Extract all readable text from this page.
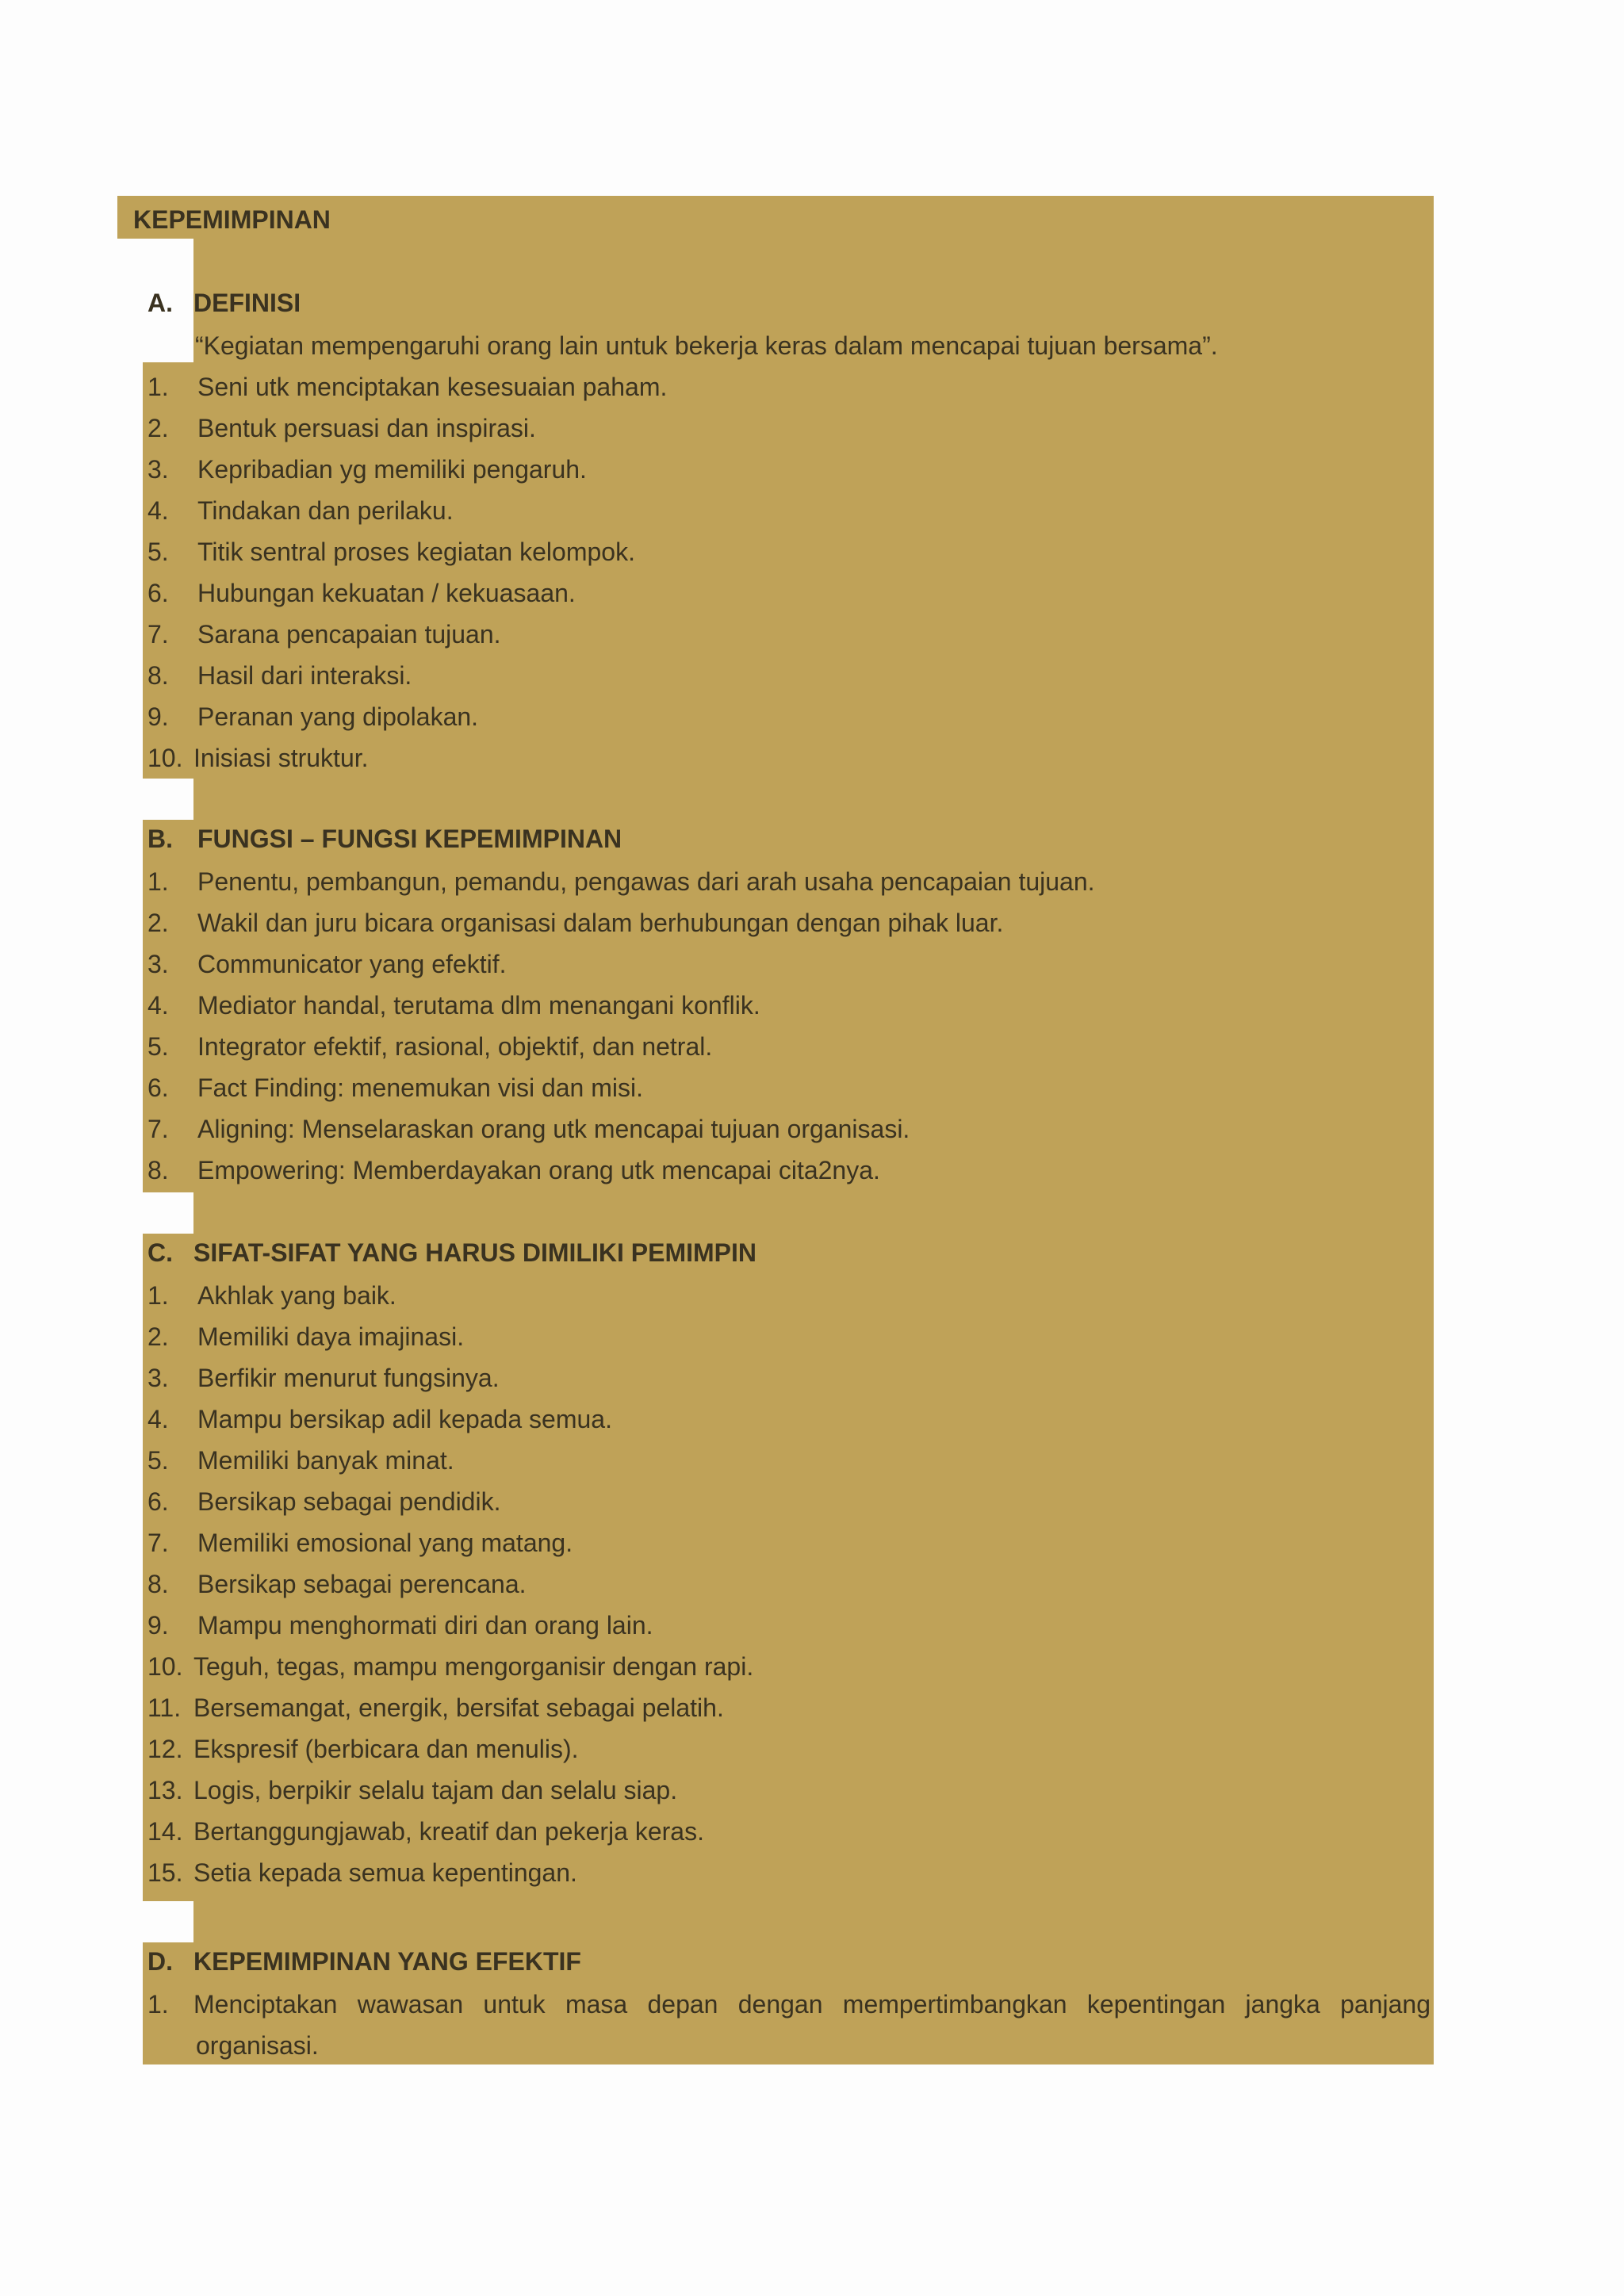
KEPEMIMPINAN
A. DEFINISI
“Kegiatan mempengaruhi orang lain untuk bekerja keras dalam mencapai tujuan bersama”.
1. Seni utk menciptakan kesesuaian paham.
2. Bentuk persuasi dan inspirasi.
3. Kepribadian yg memiliki pengaruh.
4. Tindakan dan perilaku.
5. Titik sentral proses kegiatan kelompok.
6. Hubungan kekuatan / kekuasaan.
7. Sarana pencapaian tujuan.
8. Hasil dari interaksi.
9. Peranan yang dipolakan.
10. Inisiasi struktur.
B. FUNGSI – FUNGSI KEPEMIMPINAN
1. Penentu, pembangun, pemandu, pengawas dari arah usaha pencapaian tujuan.
2. Wakil dan juru bicara organisasi dalam berhubungan dengan pihak luar.
3. Communicator yang efektif.
4. Mediator handal, terutama dlm menangani konflik.
5. Integrator efektif, rasional, objektif, dan netral.
6. Fact Finding: menemukan visi dan misi.
7. Aligning: Menselaraskan orang utk mencapai tujuan organisasi.
8. Empowering: Memberdayakan orang utk mencapai cita2nya.
C. SIFAT-SIFAT YANG HARUS DIMILIKI PEMIMPIN
1. Akhlak yang baik.
2. Memiliki daya imajinasi.
3. Berfikir menurut fungsinya.
4. Mampu bersikap adil kepada semua.
5. Memiliki banyak minat.
6. Bersikap sebagai pendidik.
7. Memiliki emosional yang matang.
8. Bersikap sebagai perencana.
9. Mampu menghormati diri dan orang lain.
10. Teguh, tegas, mampu mengorganisir dengan rapi.
11. Bersemangat, energik, bersifat sebagai pelatih.
12. Ekspresif (berbicara dan menulis).
13. Logis, berpikir selalu tajam dan selalu siap.
14. Bertanggungjawab, kreatif dan pekerja keras.
15. Setia kepada semua kepentingan.
D. KEPEMIMPINAN YANG EFEKTIF
1. Menciptakan wawasan untuk masa depan dengan mempertimbangkan kepentingan jangka panjang
organisasi.
